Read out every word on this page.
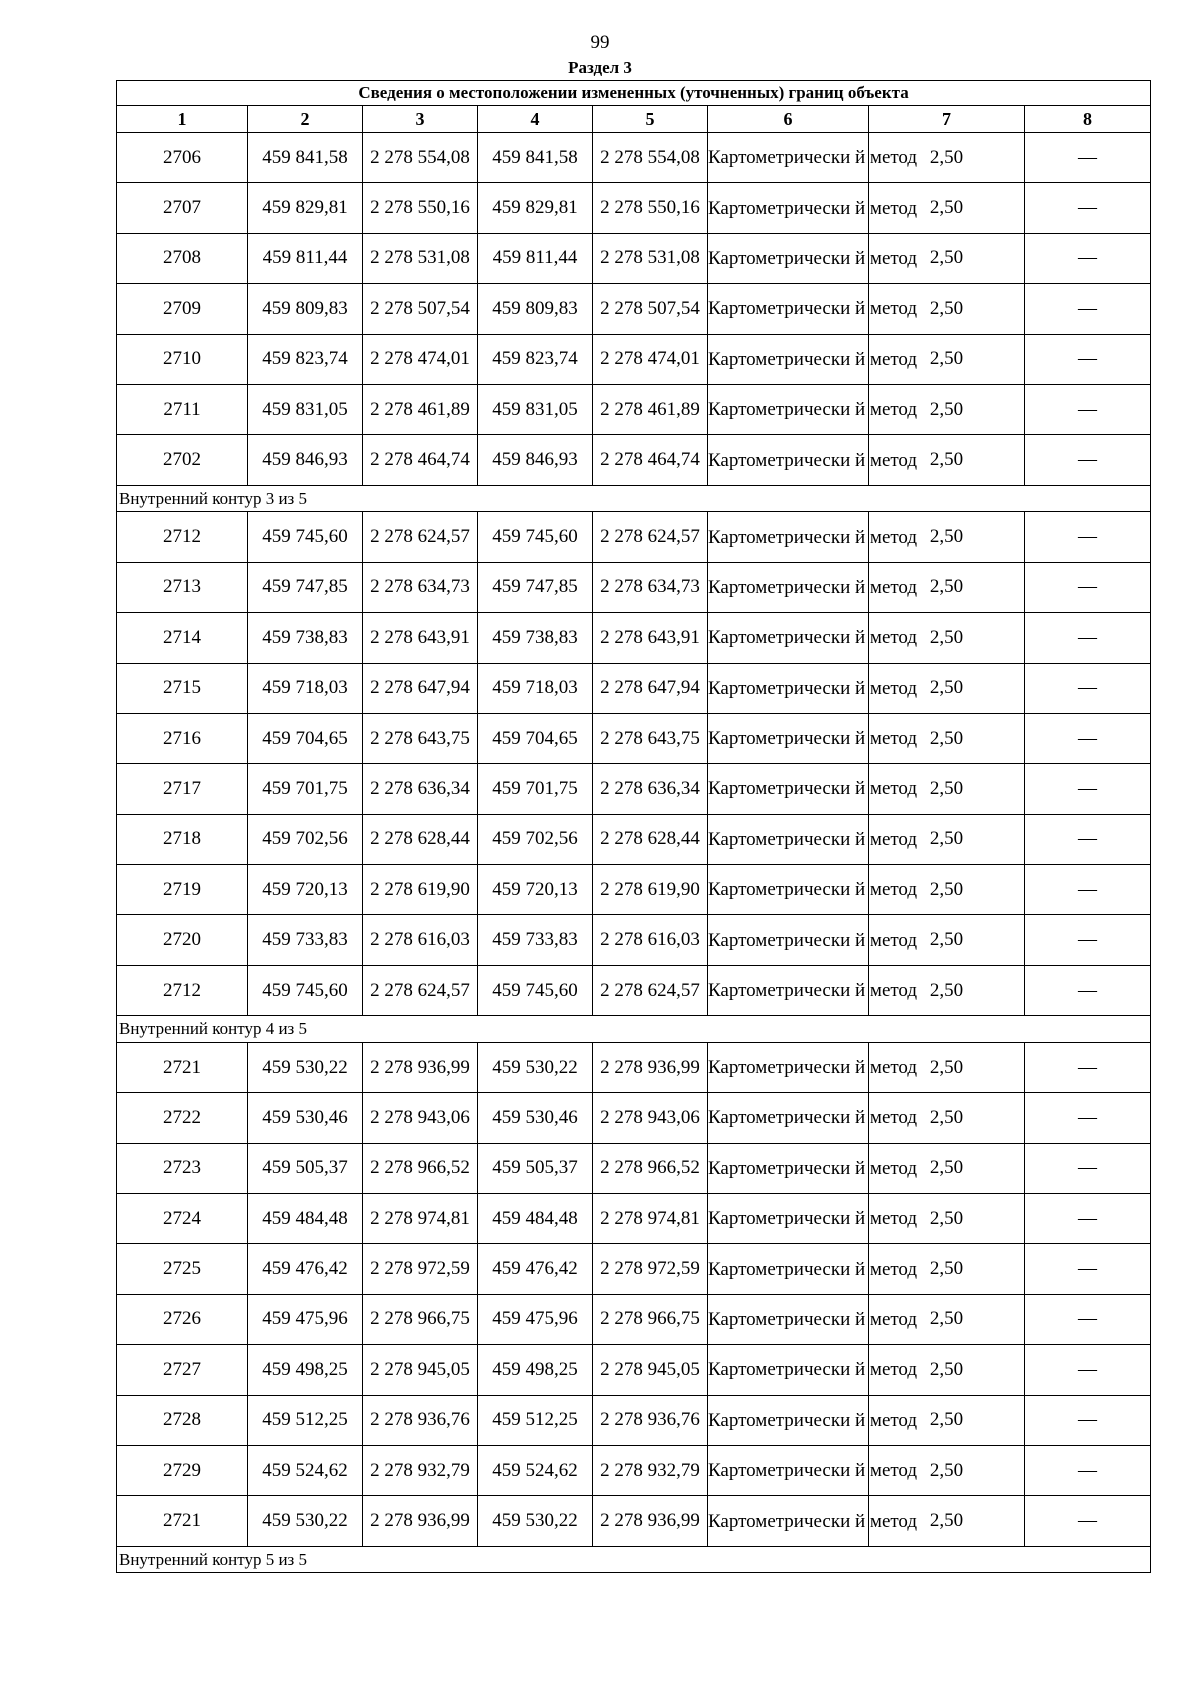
99
Раздел 3
Сведения о местоположении измененных (уточненных) границ объекта							
1	2	3	4	5	6	7	8
2706	459 841,58	2 278 554,08	459 841,58	2 278 554,08	Картометрически й метод	2,50	—
2707	459 829,81	2 278 550,16	459 829,81	2 278 550,16	Картометрически й метод	2,50	—
2708	459 811,44	2 278 531,08	459 811,44	2 278 531,08	Картометрически й метод	2,50	—
2709	459 809,83	2 278 507,54	459 809,83	2 278 507,54	Картометрически й метод	2,50	—
2710	459 823,74	2 278 474,01	459 823,74	2 278 474,01	Картометрически й метод	2,50	—
2711	459 831,05	2 278 461,89	459 831,05	2 278 461,89	Картометрически й метод	2,50	—
2702	459 846,93	2 278 464,74	459 846,93	2 278 464,74	Картометрически й метод	2,50	—
Внутренний контур 3 из 5							
2712	459 745,60	2 278 624,57	459 745,60	2 278 624,57	Картометрически й метод	2,50	—
2713	459 747,85	2 278 634,73	459 747,85	2 278 634,73	Картометрически й метод	2,50	—
2714	459 738,83	2 278 643,91	459 738,83	2 278 643,91	Картометрически й метод	2,50	—
2715	459 718,03	2 278 647,94	459 718,03	2 278 647,94	Картометрически й метод	2,50	—
2716	459 704,65	2 278 643,75	459 704,65	2 278 643,75	Картометрически й метод	2,50	—
2717	459 701,75	2 278 636,34	459 701,75	2 278 636,34	Картометрически й метод	2,50	—
2718	459 702,56	2 278 628,44	459 702,56	2 278 628,44	Картометрически й метод	2,50	—
2719	459 720,13	2 278 619,90	459 720,13	2 278 619,90	Картометрически й метод	2,50	—
2720	459 733,83	2 278 616,03	459 733,83	2 278 616,03	Картометрически й метод	2,50	—
2712	459 745,60	2 278 624,57	459 745,60	2 278 624,57	Картометрически й метод	2,50	—
Внутренний контур 4 из 5							
2721	459 530,22	2 278 936,99	459 530,22	2 278 936,99	Картометрически й метод	2,50	—
2722	459 530,46	2 278 943,06	459 530,46	2 278 943,06	Картометрически й метод	2,50	—
2723	459 505,37	2 278 966,52	459 505,37	2 278 966,52	Картометрически й метод	2,50	—
2724	459 484,48	2 278 974,81	459 484,48	2 278 974,81	Картометрически й метод	2,50	—
2725	459 476,42	2 278 972,59	459 476,42	2 278 972,59	Картометрически й метод	2,50	—
2726	459 475,96	2 278 966,75	459 475,96	2 278 966,75	Картометрически й метод	2,50	—
2727	459 498,25	2 278 945,05	459 498,25	2 278 945,05	Картометрически й метод	2,50	—
2728	459 512,25	2 278 936,76	459 512,25	2 278 936,76	Картометрически й метод	2,50	—
2729	459 524,62	2 278 932,79	459 524,62	2 278 932,79	Картометрически й метод	2,50	—
2721	459 530,22	2 278 936,99	459 530,22	2 278 936,99	Картометрически й метод	2,50	—
Внутренний контур 5 из 5							
